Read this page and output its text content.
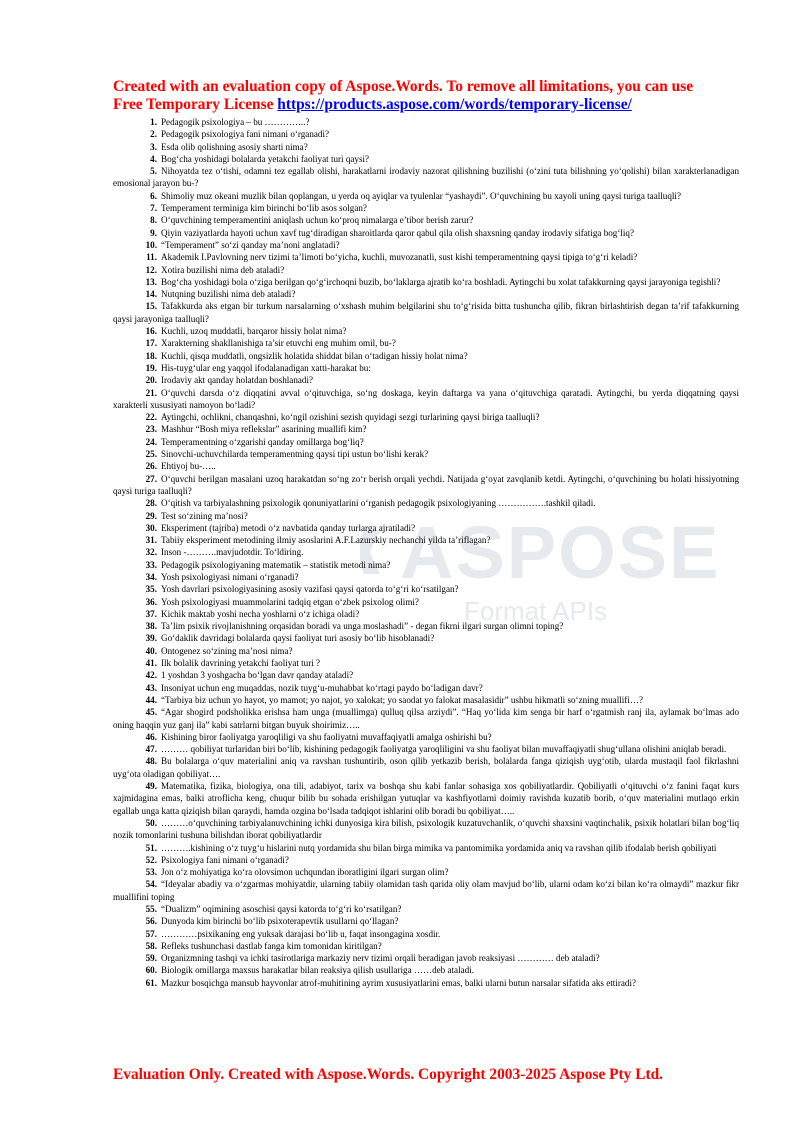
ASPOSE
Format APIs
Created with an evaluation copy of Aspose.Words. To remove all limitations, you can use Free Temporary License https://products.aspose.com/words/temporary-license/
1. Pedagogik psixologiya – bu …………..?
2. Pedagogik psixologiya fani nimani oʻrganadi?
3. Esda olib qolishning asosiy sharti nima?
4. Bogʻcha yoshidagi bolalarda yetakchi faoliyat turi qaysi?
5. Nihoyatda tez oʻtishi, odamni tez egallab olishi, harakatlarni irodaviy nazorat qilishning buzilishi (oʻzini tuta bilishning yoʻqolishi) bilan xarakterlanadigan emosional jarayon bu-?
6. Shimoliy muz okeani muzlik bilan qoplangan, u yerda oq ayiqlar va tyulenlar “yashaydi”. Oʻquvchining bu xayoli uning qaysi turiga taalluqli?
7. Temperament terminiga kim birinchi boʻlib asos solgan?
8. Oʻquvchining temperamentini aniqlash uchun koʻproq nimalarga e’tibor berish zarur?
9. Qiyin vaziyatlarda hayoti uchun xavf tugʻdiradigan sharoitlarda qaror qabul qila olish shaxsning qanday irodaviy sifatiga bogʻliq?
10. “Temperament” soʻzi qanday ma’noni anglatadi?
11. Akademik I.Pavlovning nerv tizimi ta’limoti boʻyicha, kuchli, muvozanatli, sust kishi temperamentning qaysi tipiga toʻgʻri keladi?
12. Xotira buzilishi nima deb ataladi?
13. Bogʻcha yoshidagi bola oʻziga berilgan qoʻgʻirchoqni buzib, boʻlaklarga ajratib koʻra boshladi. Aytingchi bu xolat tafakkurning qaysi jarayoniga tegishli?
14. Nutqning buzilishi nima deb ataladi?
15. Tafakkurda aks etgan bir turkum narsalarning oʻxshash muhim belgilarini shu toʻgʻrisida bitta tushuncha qilib, fikran birlashtirish degan ta’rif tafakkurning qaysi jarayoniga taalluqli?
16. Kuchli, uzoq muddatli, barqaror hissiy holat nima?
17. Xarakterning shakllanishiga ta’sir etuvchi eng muhim omil, bu-?
18. Kuchli, qisqa muddatli, ongsizlik holatida shiddat bilan oʻtadigan hissiy holat nima?
19. His-tuygʻular eng yaqqol ifodalanadigan xatti-harakat bu:
20. Irodaviy akt qanday holatdan boshlanadi?
21. Oʻquvchi darsda oʻz diqqatini avval oʻqituvchiga, soʻng doskaga, keyin daftarga va yana oʻqituvchiga qaratadi. Aytingchi, bu yerda diqqatning qaysi xarakterli xususiyati namoyon boʻladi?
22. Aytingchi, ochlikni, chanqashni, koʻngil ozishini sezish quyidagi sezgi turlarining qaysi biriga taalluqli?
23. Mashhur “Bosh miya reflekslar” asarining muallifi kim?
24. Temperamentning oʻzgarishi qanday omillarga bogʻliq?
25. Sinovchi-uchuvchilarda temperamentning qaysi tipi ustun boʻlishi kerak?
26. Ehtiyoj bu-…..
27. Oʻquvchi berilgan masalani uzoq harakatdan soʻng zoʻr berish orqali yechdi. Natijada gʻoyat zavqlanib ketdi. Aytingchi, oʻquvchining bu holati hissiyotning qaysi turiga taalluqli?
28. Oʻqitish va tarbiyalashning psixologik qonuniyatlarini oʻrganish pedagogik psixologiyaning …………….tashkil qiladi.
29. Test soʻzining ma’nosi?
30. Eksperiment (tajriba) metodi oʻz navbatida qanday turlarga ajratiladi?
31. Tabiiy eksperiment metodining ilmiy asoslarini A.F.Lazurskiy nechanchi yilda ta’riflagan?
32. Inson -……….mavjudotdir. Toʻldiring.
33. Pedagogik psixologiyaning matematik – statistik metodi nima?
34. Yosh psixologiyasi nimani oʻrganadi?
35. Yosh davrlari psixologiyasining asosiy vazifasi qaysi qatorda toʻgʻri koʻrsatilgan?
36. Yosh psixologiyasi muammolarini tadqiq etgan oʻzbek psixolog olimi?
37. Kichik maktab yoshi necha yoshlarni oʻz ichiga oladi?
38. Ta’lim psixik rivojlanishning orqasidan boradi va unga moslashadi” - degan fikrni ilgari surgan olimni toping?
39. Goʻdaklik davridagi bolalarda qaysi faoliyat turi asosiy boʻlib hisoblanadi?
40. Ontogenez soʻzining ma’nosi nima?
41. Ilk bolalik davrining yetakchi faoliyat turi ?
42. 1 yoshdan 3 yoshgacha boʻlgan davr qanday ataladi?
43. Insoniyat uchun eng muqaddas, nozik tuygʻu-muhabbat koʻrtagi paydo boʻladigan davr?
44. “Tarbiya biz uchun yo hayot, yo mamot; yo najot, yo xalokat; yo saodat yo falokat masalasidir” ushbu hikmatli soʻzning muallifi…?
45. “Agar shogird podsholikka erishsa ham unga (muallimga) qulluq qilsa arziydi”. “Haq yoʻlida kim senga bir harf oʻrgatmish ranj ila, aylamak boʻlmas ado oning haqqin yuz ganj ila” kabi satrlarni bitgan buyuk shoirimiz…..
46. Kishining biror faoliyatga yaroqliligi va shu faoliyatni muvaffaqiyatli amalga oshirishi bu?
47. ……… qobiliyat turlaridan biri boʻlib, kishining pedagogik faoliyatga yaroqliligini va shu faoliyat bilan muvaffaqiyatli shugʻullana olishini aniqlab beradi.
48. Bu bolalarga oʻquv materialini aniq va ravshan tushuntirib, oson qilib yetkazib berish, bolalarda fanga qiziqish uygʻotib, ularda mustaqil faol fikrlashni uygʻota oladigan qobiliyat….
49. Matematika, fizika, biologiya, ona tili, adabiyot, tarix va boshqa shu kabi fanlar sohasiga xos qobiliyatlardir. Qobiliyatli oʻqituvchi oʻz fanini faqat kurs xajmidagina emas, balki atroflicha keng, chuqur bilib bu sohada erishilgan yutuqlar va kashfiyotlarni doimiy ravishda kuzatib borib, oʻquv materialini mutlaqo erkin egallab unga katta qiziqish bilan qaraydi, hamda ozgina boʻlsada tadqiqot ishlarini olib boradi bu qobiliyat…..
50. ………oʻquvchining tarbiyalanuvchining ichki dunyosiga kira bilish, psixologik kuzatuvchanlik, oʻquvchi shaxsini vaqtinchalik, psixik holatlari bilan bogʻliq nozik tomonlarini tushuna bilishdan iborat qobiliyatlardir
51. ……….kishining oʻz tuygʻu hislarini nutq yordamida shu bilan birga mimika va pantomimika yordamida aniq va ravshan qilib ifodalab berish qobiliyati
52. Psixologiya fani nimani oʻrganadi?
53. Jon oʻz mohiyatiga koʻra olovsimon uchqundan iboratligini ilgari surgan olim?
54. “Ideyalar abadiy va oʻzgarmas mohiyatdir, ularning tabiiy olamidan tash qarida oliy olam mavjud boʻlib, ularni odam koʻzi bilan koʻra olmaydi” mazkur fikr muallifini toping
55. “Dualizm” oqimining asoschisi qaysi katorda toʻgʻri koʻrsatilgan?
56. Dunyoda kim birinchi boʻlib psixoterapevtik usullarni qoʻllagan?
57. …………psixikaning eng yuksak darajasi boʻlib u, faqat insongagina xosdir.
58. Refleks tushunchasi dastlab fanga kim tomonidan kiritilgan?
59. Organizmning tashqi va ichki tasirotlariga markaziy nerv tizimi orqali beradigan javob reaksiyasi ………… deb ataladi?
60. Biologik omillarga maxsus harakatlar bilan reaksiya qilish usullariga ……deb ataladi.
61. Mazkur bosqichga mansub hayvonlar atrof-muhitining ayrim xususiyatlarini emas, balki ularni butun narsalar sifatida aks ettiradi?
Evaluation Only. Created with Aspose.Words. Copyright 2003-2025 Aspose Pty Ltd.
